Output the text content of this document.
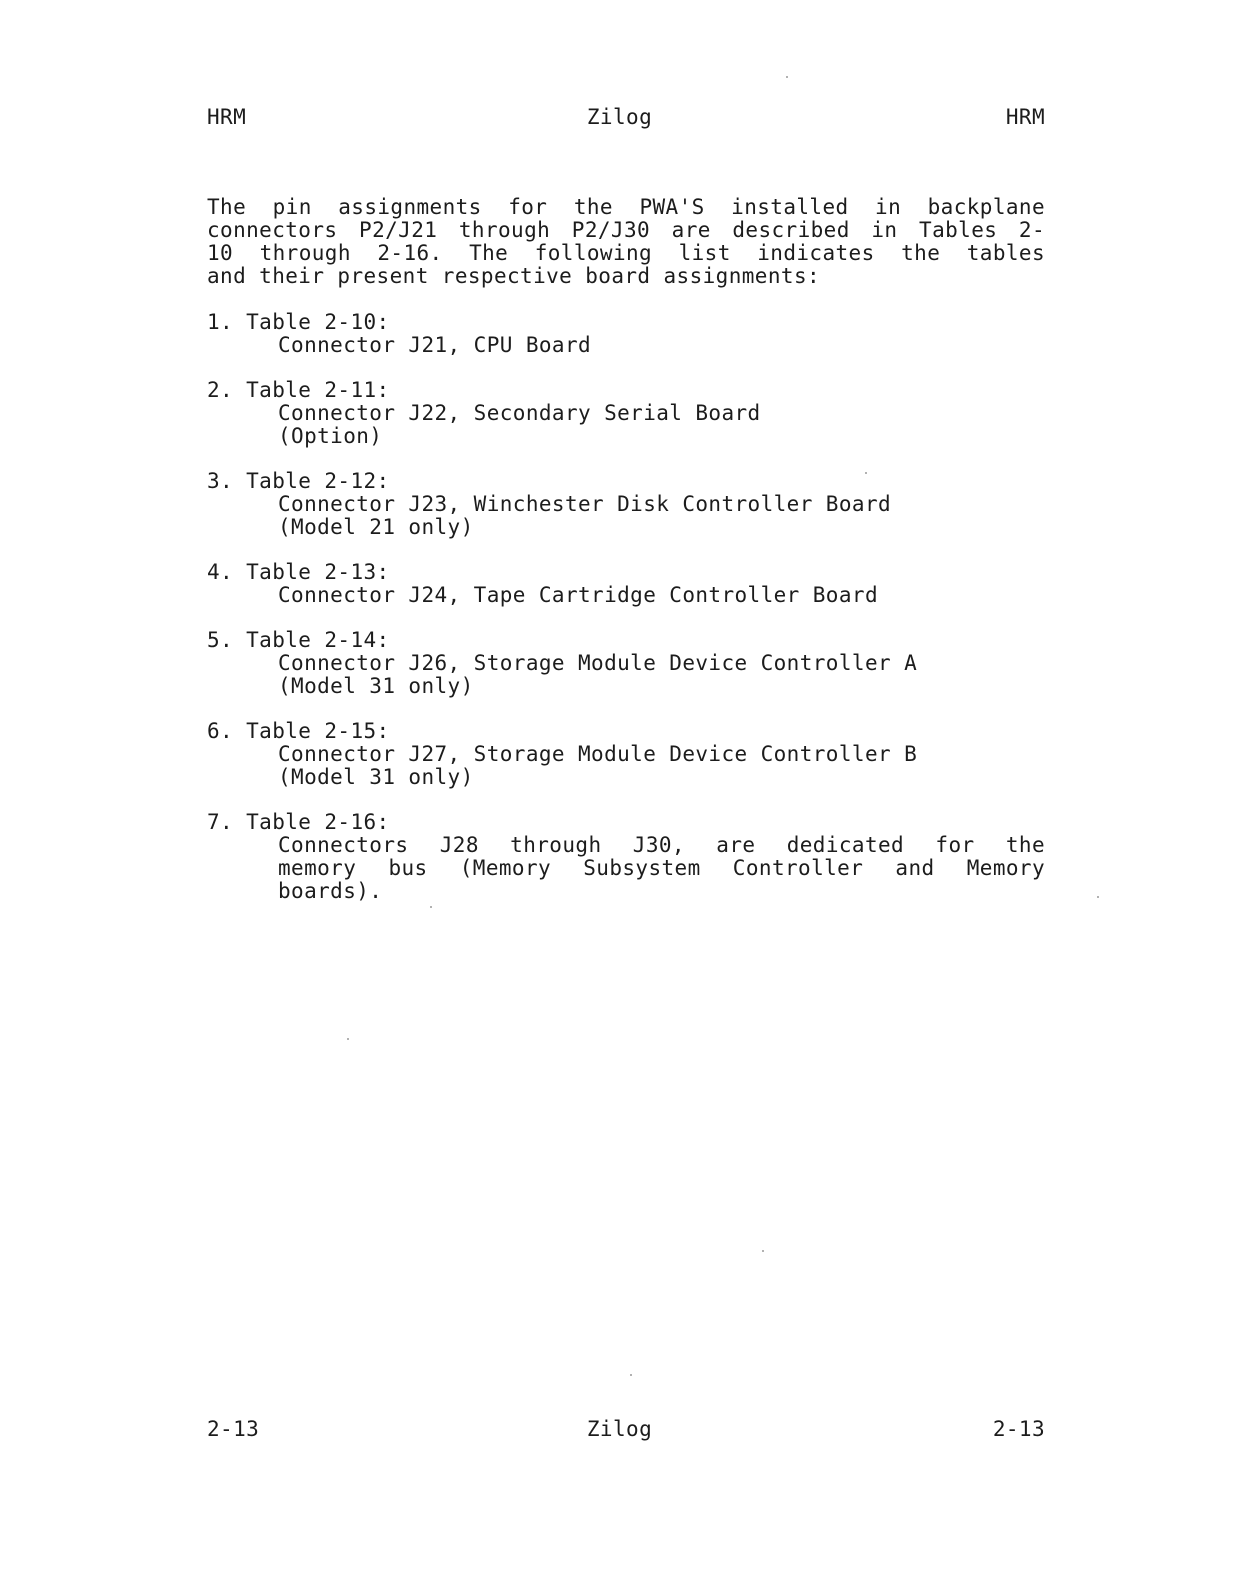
HRM	Zilog	HRM
The pin assignments for the PWA'S installed in backplane
connectors P2/J21 through P2/J30 are described in Tables 2-
10 through 2-16. The following list indicates the tables
and their present respective board assignments:
1. Table 2-10:
Connector J21, CPU Board
2. Table 2-11:
Connector J22, Secondary Serial Board
(Option)
3. Table 2-12:
Connector J23, Winchester Disk Controller Board
(Model 21 only)
4. Table 2-13:
Connector J24, Tape Cartridge Controller Board
5. Table 2-14:
Connector J26, Storage Module Device Controller A
(Model 31 only)
6. Table 2-15:
Connector J27, Storage Module Device Controller B
(Model 31 only)
7. Table 2-16:
Connectors J28 through J30, are dedicated for the
memory bus (Memory Subsystem Controller and Memory
boards).
2-13	Zilog	2-13
